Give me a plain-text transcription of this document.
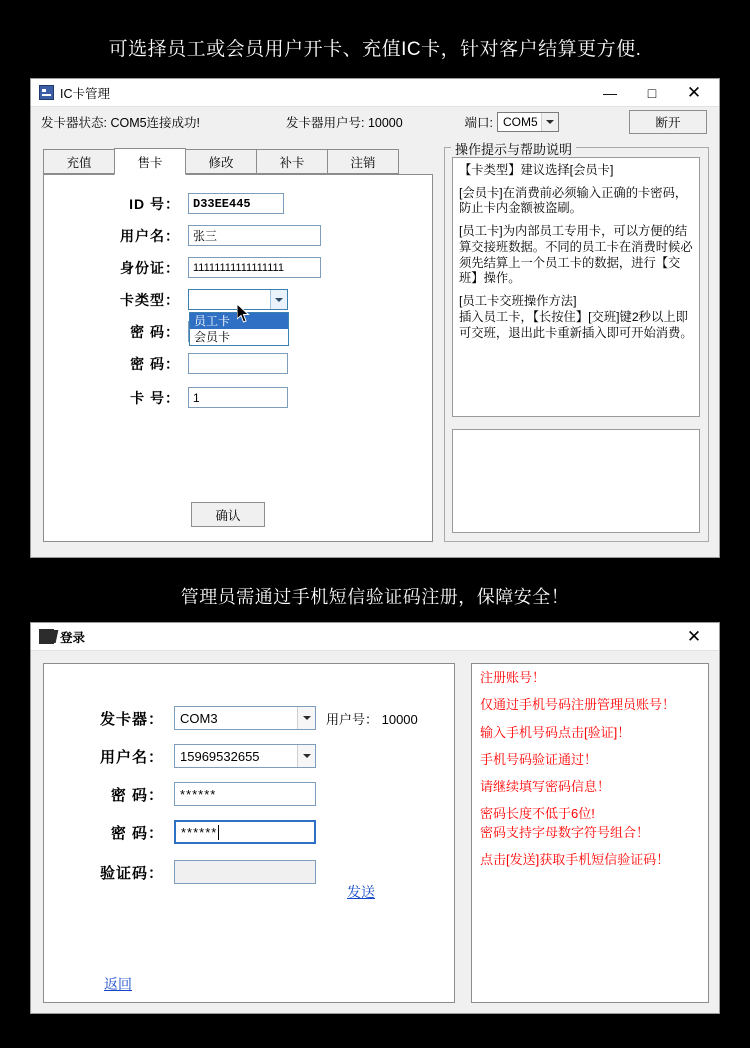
可选择员工或会员用户开卡、充值IC卡，针对客户结算更方便.
IC卡管理	— □ ✕
发卡器状态: COM5连接成功!	发卡器用户号: 10000	端口: COM5	断开
充值	售卡	修改	补卡	注销
ID 号：	D33EE445
用户名：	张三
身份证：	11111111111111111
卡类型：
员工卡
会员卡
密 码：
密 码：
卡 号：	1
确认
操作提示与帮助说明

【卡类型】建议选择[会员卡]

[会员卡]在消费前必须输入正确的卡密码，防止卡内金额被盗刷。

[员工卡]为内部员工专用卡，可以方便的结算交接班数据。不同的员工卡在消费时候必须先结算上一个员工卡的数据，进行【交班】操作。

[员工卡交班操作方法]

插入员工卡，【长按住】[交班]键2秒以上即可交班，退出此卡重新插入即可开始消费。

管理员需通过手机短信验证码注册，保障安全！
登录	✕
发卡器：	COM3	用户号： 10000
用户名：	15969532655
密 码：	******
密 码：	******
验证码：
发送
返回

注册账号！

仅通过手机号码注册管理员账号！

输入手机号码点击[验证]！

手机号码验证通过！

请继续填写密码信息！

密码长度不低于6位!

密码支持字母数字符号组合！

点击[发送]获取手机短信验证码！
